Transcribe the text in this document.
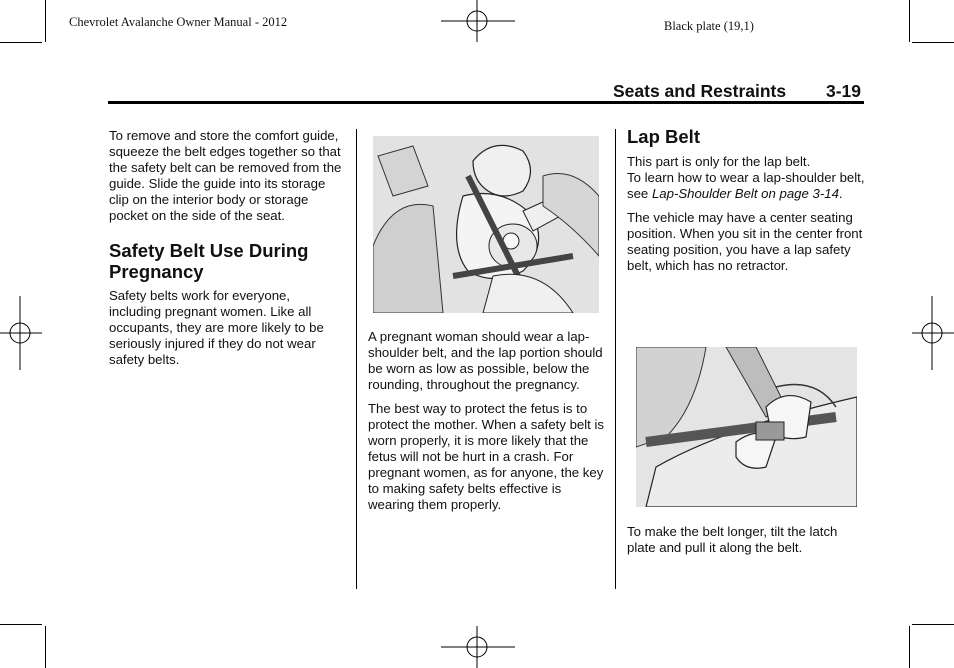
Chevrolet Avalanche Owner Manual - 2012	Black plate (19,1)
Seats and Restraints 3-19

To remove and store the comfort guide, squeeze the belt edges together so that the safety belt can be removed from the guide. Slide the guide into its storage clip on the interior body or storage pocket on the side of the seat.

Safety Belt Use During Pregnancy

Safety belts work for everyone, including pregnant women. Like all occupants, they are more likely to be seriously injured if they do not wear safety belts.

A pregnant woman should wear a lap-shoulder belt, and the lap portion should be worn as low as possible, below the rounding, throughout the pregnancy.

The best way to protect the fetus is to protect the mother. When a safety belt is worn properly, it is more likely that the fetus will not be hurt in a crash. For pregnant women, as for anyone, the key to making safety belts effective is wearing them properly.

Lap Belt

This part is only for the lap belt.

To learn how to wear a lap-shoulder belt, see Lap-Shoulder Belt on page 3-14.

The vehicle may have a center seating position. When you sit in the center front seating position, you have a lap safety belt, which has no retractor.

To make the belt longer, tilt the latch plate and pull it along the belt.
